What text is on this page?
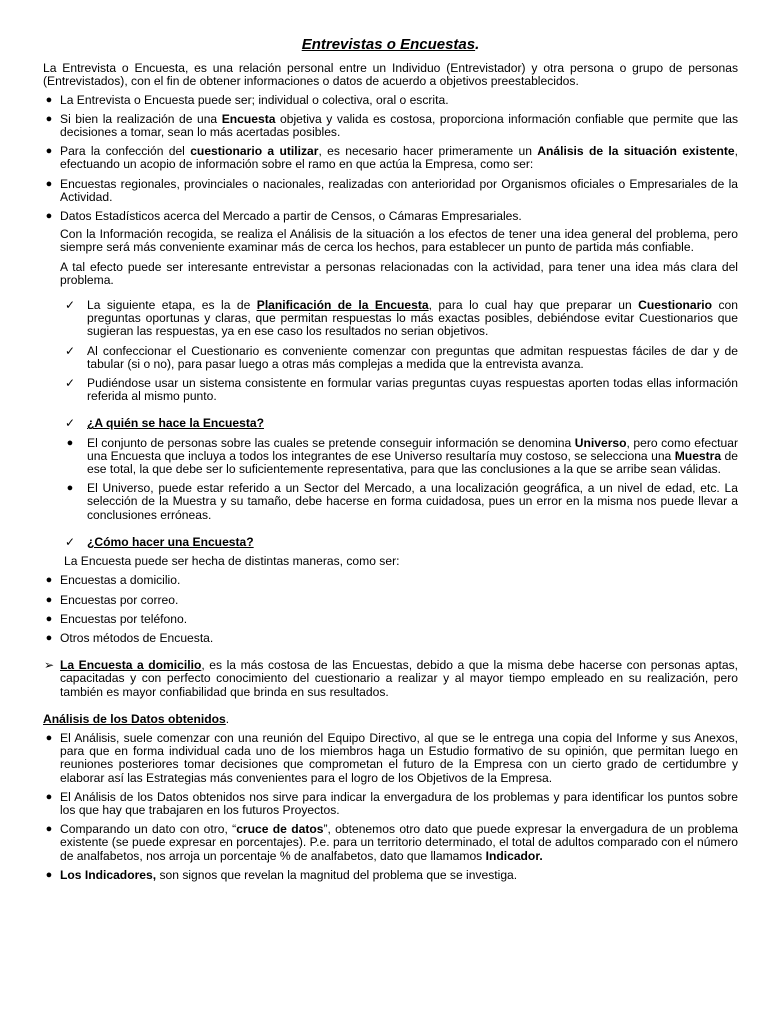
Entrevistas o Encuestas.

La Entrevista o Encuesta, es una relación personal entre un Individuo (Entrevistador) y otra persona o grupo de personas (Entrevistados), con el fin de obtener informaciones o datos de acuerdo a objetivos preestablecidos.

● La Entrevista o Encuesta puede ser; individual o colectiva, oral o escrita.
● Si bien la realización de una Encuesta objetiva y valida es costosa, proporciona información confiable que permite que las decisiones a tomar, sean lo más acertadas posibles.
● Para la confección del cuestionario a utilizar, es necesario hacer primeramente un Análisis de la situación existente, efectuando un acopio de información sobre el ramo en que actúa la Empresa, como ser:
● Encuestas regionales, provinciales o nacionales, realizadas con anterioridad por Organismos oficiales o Empresariales de la Actividad.
● Datos Estadísticos acerca del Mercado a partir de Censos, o Cámaras Empresariales.

Con la Información recogida, se realiza el Análisis de la situación a los efectos de tener una idea general del problema, pero siempre será más conveniente examinar más de cerca los hechos, para establecer un punto de partida más confiable.

A tal efecto puede ser interesante entrevistar a personas relacionadas con la actividad, para tener una idea más clara del problema.

✓ La siguiente etapa, es la de Planificación de la Encuesta, para lo cual hay que preparar un Cuestionario con preguntas oportunas y claras, que permitan respuestas lo más exactas posibles, debiéndose evitar Cuestionarios que sugieran las respuestas, ya en ese caso los resultados no serian objetivos.
✓ Al confeccionar el Cuestionario es conveniente comenzar con preguntas que admitan respuestas fáciles de dar y de tabular (si o no), para pasar luego a otras más complejas a medida que la entrevista avanza.
✓ Pudiéndose usar un sistema consistente en formular varias preguntas cuyas respuestas aporten todas ellas información referida al mismo punto.
✓ ¿A quién se hace la Encuesta?
● El conjunto de personas sobre las cuales se pretende conseguir información se denomina Universo, pero como efectuar una Encuesta que incluya a todos los integrantes de ese Universo resultaría muy costoso, se selecciona una Muestra de ese total, la que debe ser lo suficientemente representativa, para que las conclusiones a la que se arribe sean válidas.
● El Universo, puede estar referido a un Sector del Mercado, a una localización geográfica, a un nivel de edad, etc. La selección de la Muestra y su tamaño, debe hacerse en forma cuidadosa, pues un error en la misma nos puede llevar a conclusiones erróneas.
✓ ¿Cómo hacer una Encuesta?

La Encuesta puede ser hecha de distintas maneras, como ser:

● Encuestas a domicilio.
● Encuestas por correo.
● Encuestas por teléfono.
● Otros métodos de Encuesta.
➢ La Encuesta a domicilio, es la más costosa de las Encuestas, debido a que la misma debe hacerse con personas aptas, capacitadas y con perfecto conocimiento del cuestionario a realizar y al mayor tiempo empleado en su realización, pero también es mayor confiabilidad que brinda en sus resultados.

Análisis de los Datos obtenidos.

● El Análisis, suele comenzar con una reunión del Equipo Directivo, al que se le entrega una copia del Informe y sus Anexos, para que en forma individual cada uno de los miembros haga un Estudio formativo de su opinión, que permitan luego en reuniones posteriores tomar decisiones que comprometan el futuro de la Empresa con un cierto grado de certidumbre y elaborar así las Estrategias más convenientes para el logro de los Objetivos de la Empresa.
● El Análisis de los Datos obtenidos nos sirve para indicar la envergadura de los problemas y para identificar los puntos sobre los que hay que trabajaren en los futuros Proyectos.
● Comparando un dato con otro, “cruce de datos”, obtenemos otro dato que puede expresar la envergadura de un problema existente (se puede expresar en porcentajes). P.e. para un territorio determinado, el total de adultos comparado con el número de analfabetos, nos arroja un porcentaje % de analfabetos, dato que llamamos Indicador.
● Los Indicadores, son signos que revelan la magnitud del problema que se investiga.
